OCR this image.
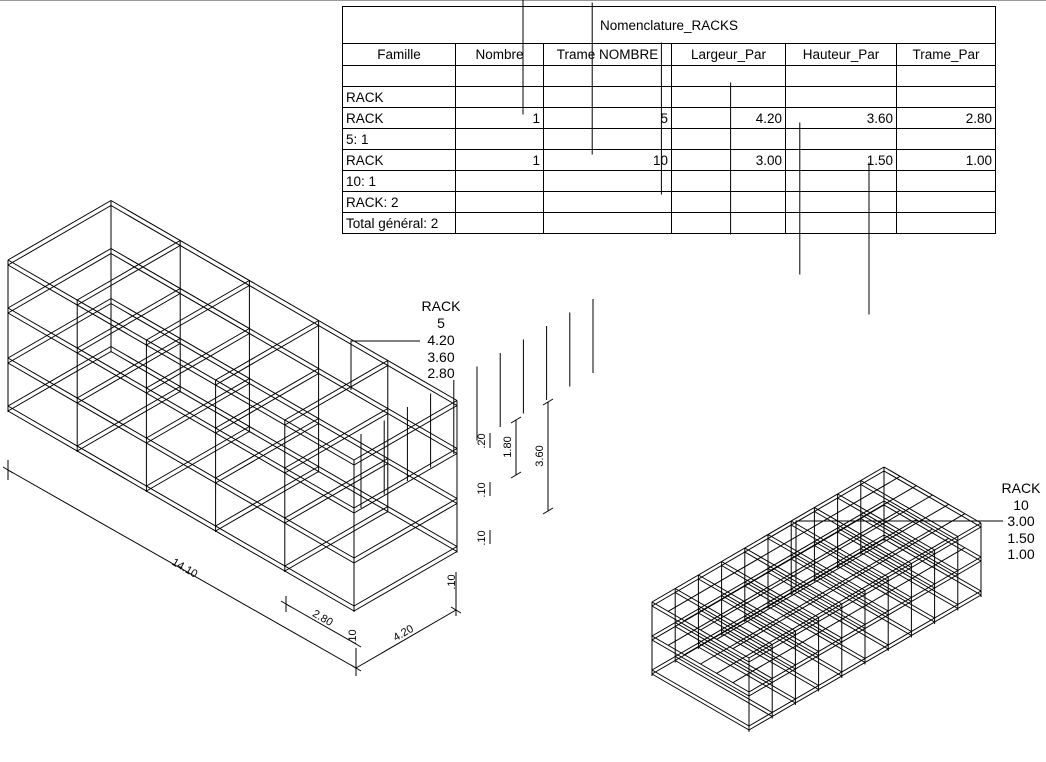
Nomenclature_RACKS					
Famille	Nombre	Trame NOMBRE	Largeur_Par	Hauteur_Par	Trame_Par

RACK					
RACK	1	5	4.20	3.60	2.80
5: 1					
RACK	1	10	3.00	1.50	1.00
10: 1					
RACK: 2					
Total général: 2					
RACK
5
4.20
3.60
2.80
RACK
10
3.00
1.50
1.00
14.10
2.80
4.20
3.60
1.80
.20
.10
.10
.10
.10
